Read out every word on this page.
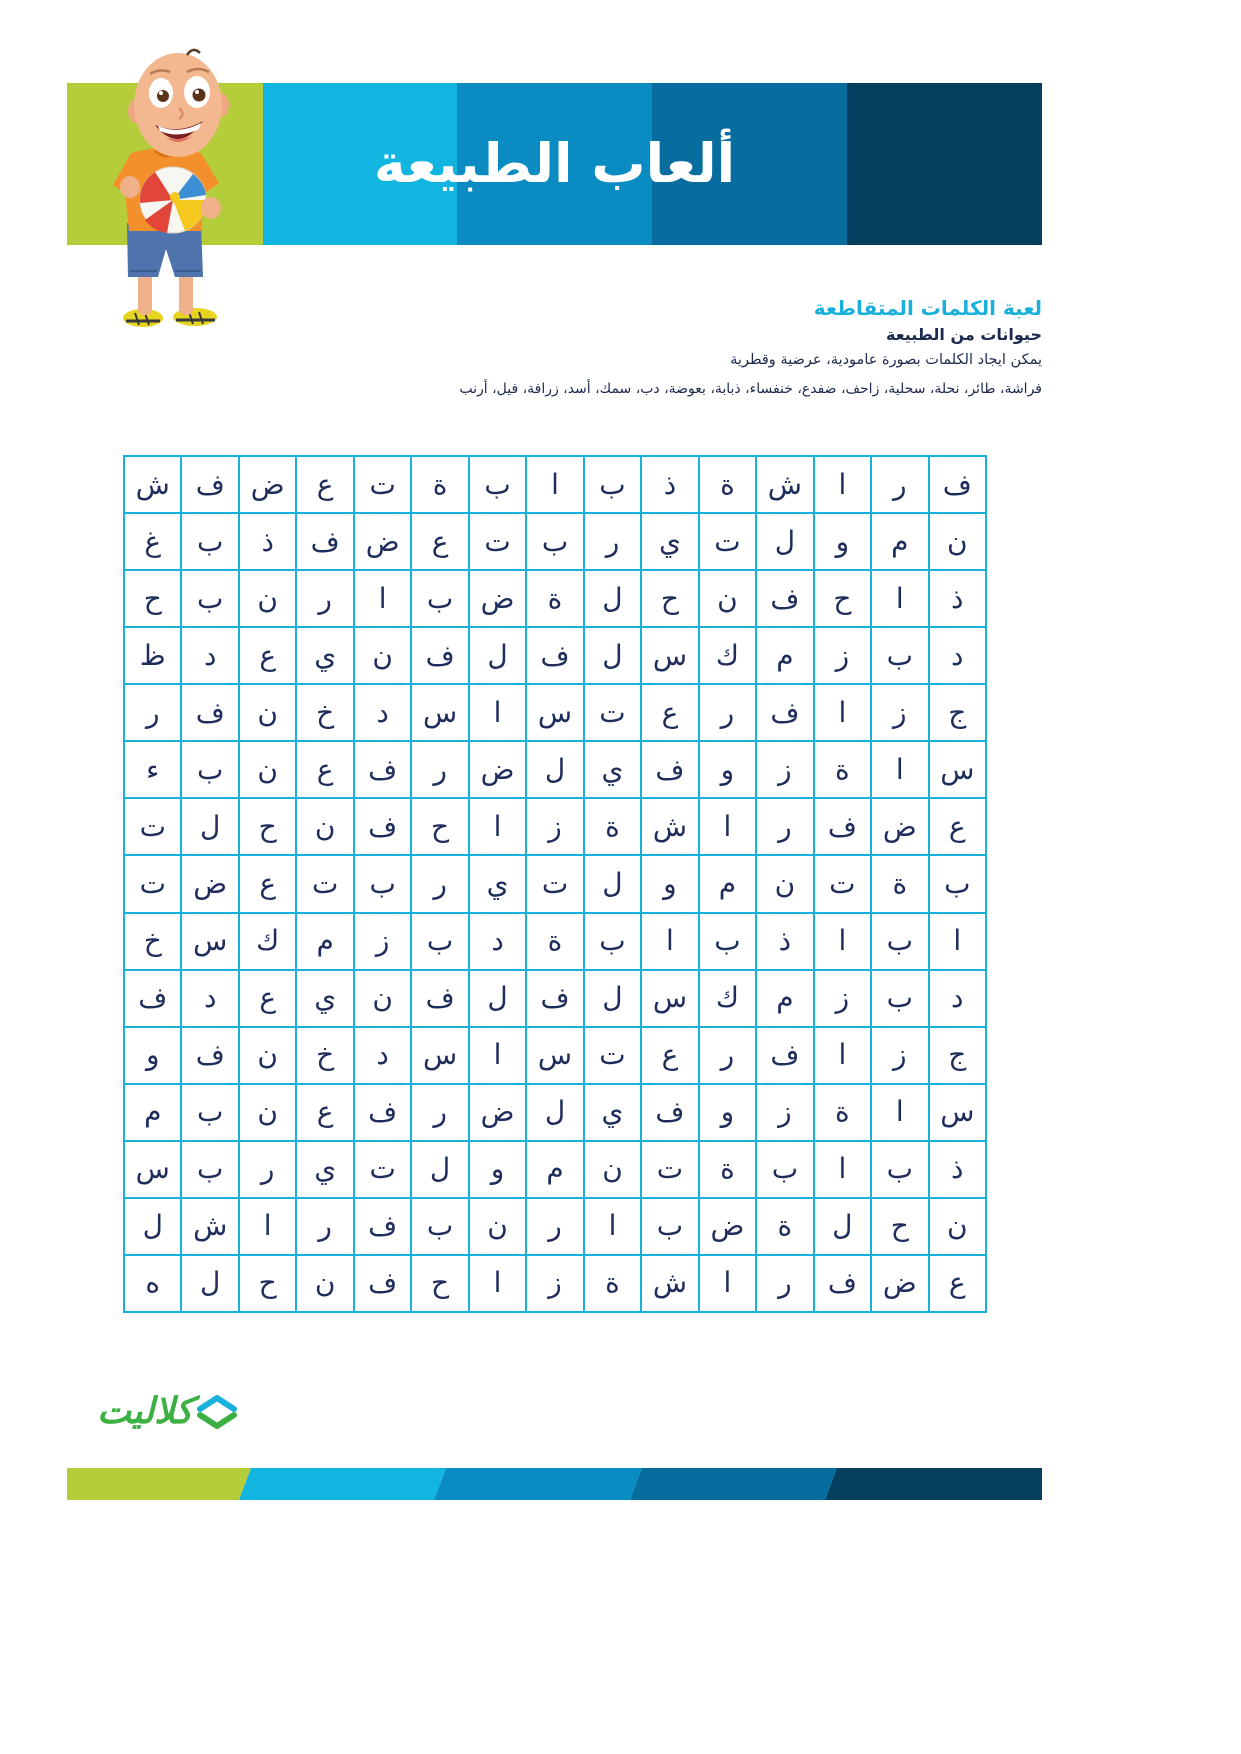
ألعاب الطبيعة

لعبة الكلمات المتقاطعة

حيوانات من الطبيعة

يمكن ايجاد الكلمات بصورة عامودية، عرضية وقطرية

فراشة، طائر، نحلة، سحلية، زاحف، ضفدع، خنفساء، ذبابة، بعوضة، دب، سمك، أسد، زرافة، فيل، أرنب

ف
ر
ا
ش
ة
ذ
ب
ا
ب
ة
ت
ع
ض
ف
ش
ن
م
و
ل
ت
ي
ر
ب
ت
ع
ض
ف
ذ
ب
غ
ذ
ا
ح
ف
ن
ح
ل
ة
ض
ب
ا
ر
ن
ب
ح
د
ب
ز
م
ك
س
ل
ف
ل
ف
ن
ي
ع
د
ظ
ج
ز
ا
ف
ر
ع
ت
س
ا
س
د
خ
ن
ف
ر
س
ا
ة
ز
و
ف
ي
ل
ض
ر
ف
ع
ن
ب
ء
ع
ض
ف
ر
ا
ش
ة
ز
ا
ح
ف
ن
ح
ل
ت
ب
ة
ت
ن
م
و
ل
ت
ي
ر
ب
ت
ع
ض
ت
ا
ب
ا
ذ
ب
ا
ب
ة
د
ب
ز
م
ك
س
خ
د
ب
ز
م
ك
س
ل
ف
ل
ف
ن
ي
ع
د
ف
ج
ز
ا
ف
ر
ع
ت
س
ا
س
د
خ
ن
ف
و
س
ا
ة
ز
و
ف
ي
ل
ض
ر
ف
ع
ن
ب
م
ذ
ب
ا
ب
ة
ت
ن
م
و
ل
ت
ي
ر
ب
س
ن
ح
ل
ة
ض
ب
ا
ر
ن
ب
ف
ر
ا
ش
ل
ع
ض
ف
ر
ا
ش
ة
ز
ا
ح
ف
ن
ح
ل
ه
كلاليت
